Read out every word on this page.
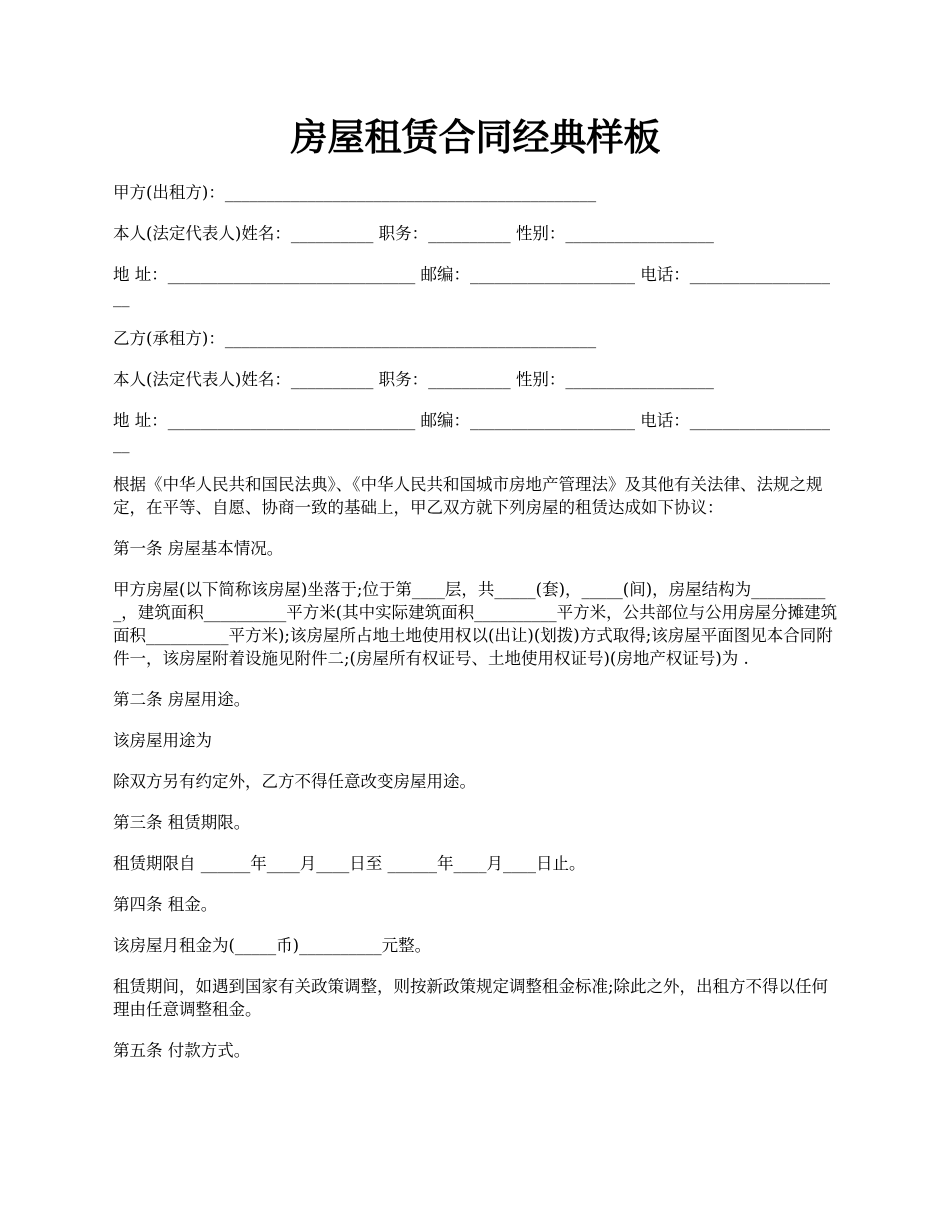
房屋租赁合同经典样板

甲方(出租方)：_____________________________________________

本人(法定代表人)姓名：__________ 职务：__________ 性别：__________________

地 址：______________________________ 邮编：____________________ 电话：___________________

乙方(承租方)：_____________________________________________

本人(法定代表人)姓名：__________ 职务：__________ 性别：__________________

地 址：______________________________ 邮编：____________________ 电话：___________________

根据《中华人民共和国民法典》、《中华人民共和国城市房地产管理法》及其他有关法律、法规之规定，在平等、自愿、协商一致的基础上，甲乙双方就下列房屋的租赁达成如下协议：

第一条 房屋基本情况。

甲方房屋(以下简称该房屋)坐落于;位于第____层，共_____(套)，_____(间)，房屋结构为__________，建筑面积__________平方米(其中实际建筑面积__________平方米，公共部位与公用房屋分摊建筑面积__________平方米);该房屋所占地土地使用权以(出让)(划拨)方式取得;该房屋平面图见本合同附件一，该房屋附着设施见附件二;(房屋所有权证号、土地使用权证号)(房地产权证号)为 .

第二条 房屋用途。

该房屋用途为

除双方另有约定外，乙方不得任意改变房屋用途。

第三条 租赁期限。

租赁期限自 ______年____月____日至 ______年____月____日止。

第四条 租金。

该房屋月租金为(_____币)__________元整。

租赁期间，如遇到国家有关政策调整，则按新政策规定调整租金标准;除此之外，出租方不得以任何理由任意调整租金。

第五条 付款方式。
